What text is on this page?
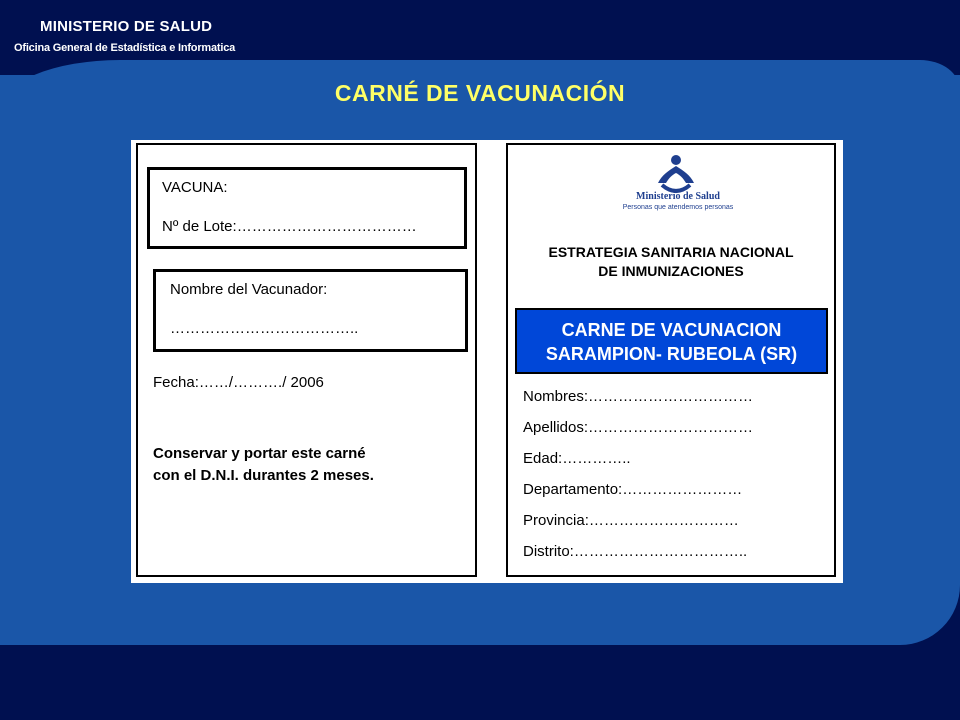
MINISTERIO DE SALUD
Oficina General de Estadística e Informatica
CARNÉ DE VACUNACIÓN
VACUNA:
Nº de Lote:………………………………
Nombre del Vacunador:
………………………………..
Fecha:……/………./ 2006
Conservar y portar este carné
con el D.N.I. durantes 2 meses.
Ministerio de Salud
Personas que atendemos personas
ESTRATEGIA SANITARIA NACIONAL
DE INMUNIZACIONES
CARNE DE VACUNACION
SARAMPION- RUBEOLA (SR)
Nombres:……………………………
Apellidos:……………………………
Edad:…………..
Departamento:……………………
Provincia:…………………………
Distrito:……………………………..
